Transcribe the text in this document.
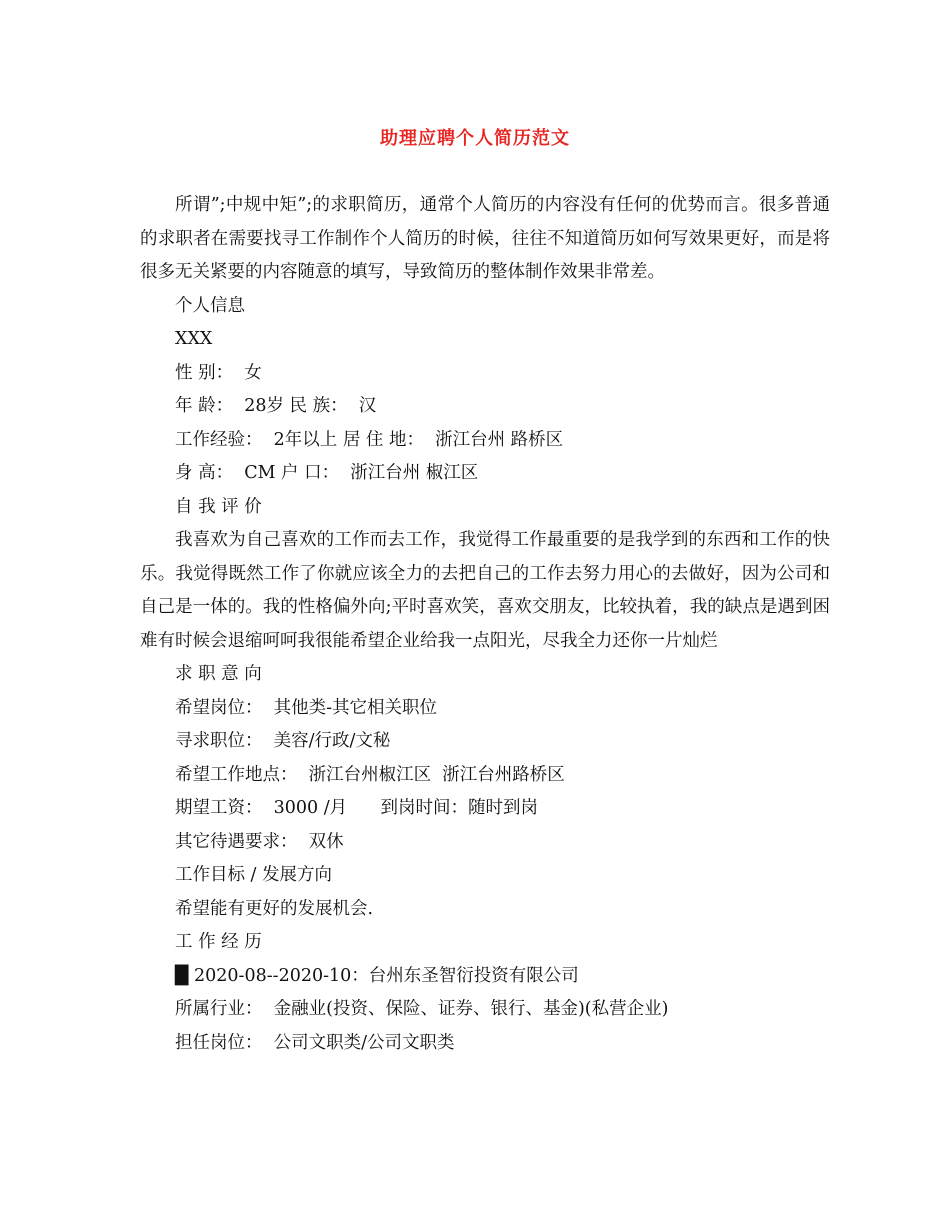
助理应聘个人简历范文

所谓”;中规中矩”;的求职简历，通常个人简历的内容没有任何的优势而言。很多普通的求职者在需要找寻工作制作个人简历的时候，往往不知道简历如何写效果更好，而是将很多无关紧要的内容随意的填写，导致简历的整体制作效果非常差。

个人信息

XXX

性 别：  女

年 龄：  28岁 民 族：  汉

工作经验：  2年以上 居 住 地：  浙江台州 路桥区

身 高：  CM 户 口：  浙江台州 椒江区

自 我 评 价

我喜欢为自己喜欢的工作而去工作，我觉得工作最重要的是我学到的东西和工作的快乐。我觉得既然工作了你就应该全力的去把自己的工作去努力用心的去做好，因为公司和自己是一体的。我的性格偏外向;平时喜欢笑，喜欢交朋友，比较执着，我的缺点是遇到困难有时候会退缩呵呵我很能希望企业给我一点阳光，尽我全力还你一片灿烂

求 职 意 向

希望岗位：  其他类-其它相关职位

寻求职位：  美容/行政/文秘

希望工作地点：  浙江台州椒江区  浙江台州路桥区

期望工资：  3000 /月      到岗时间：随时到岗

其它待遇要求：  双休

工作目标 / 发展方向

希望能有更好的发展机会.

工 作 经 历

█ 2020-08--2020-10：台州东圣智衍投资有限公司

所属行业：  金融业(投资、保险、证券、银行、基金)(私营企业)

担任岗位：  公司文职类/公司文职类
